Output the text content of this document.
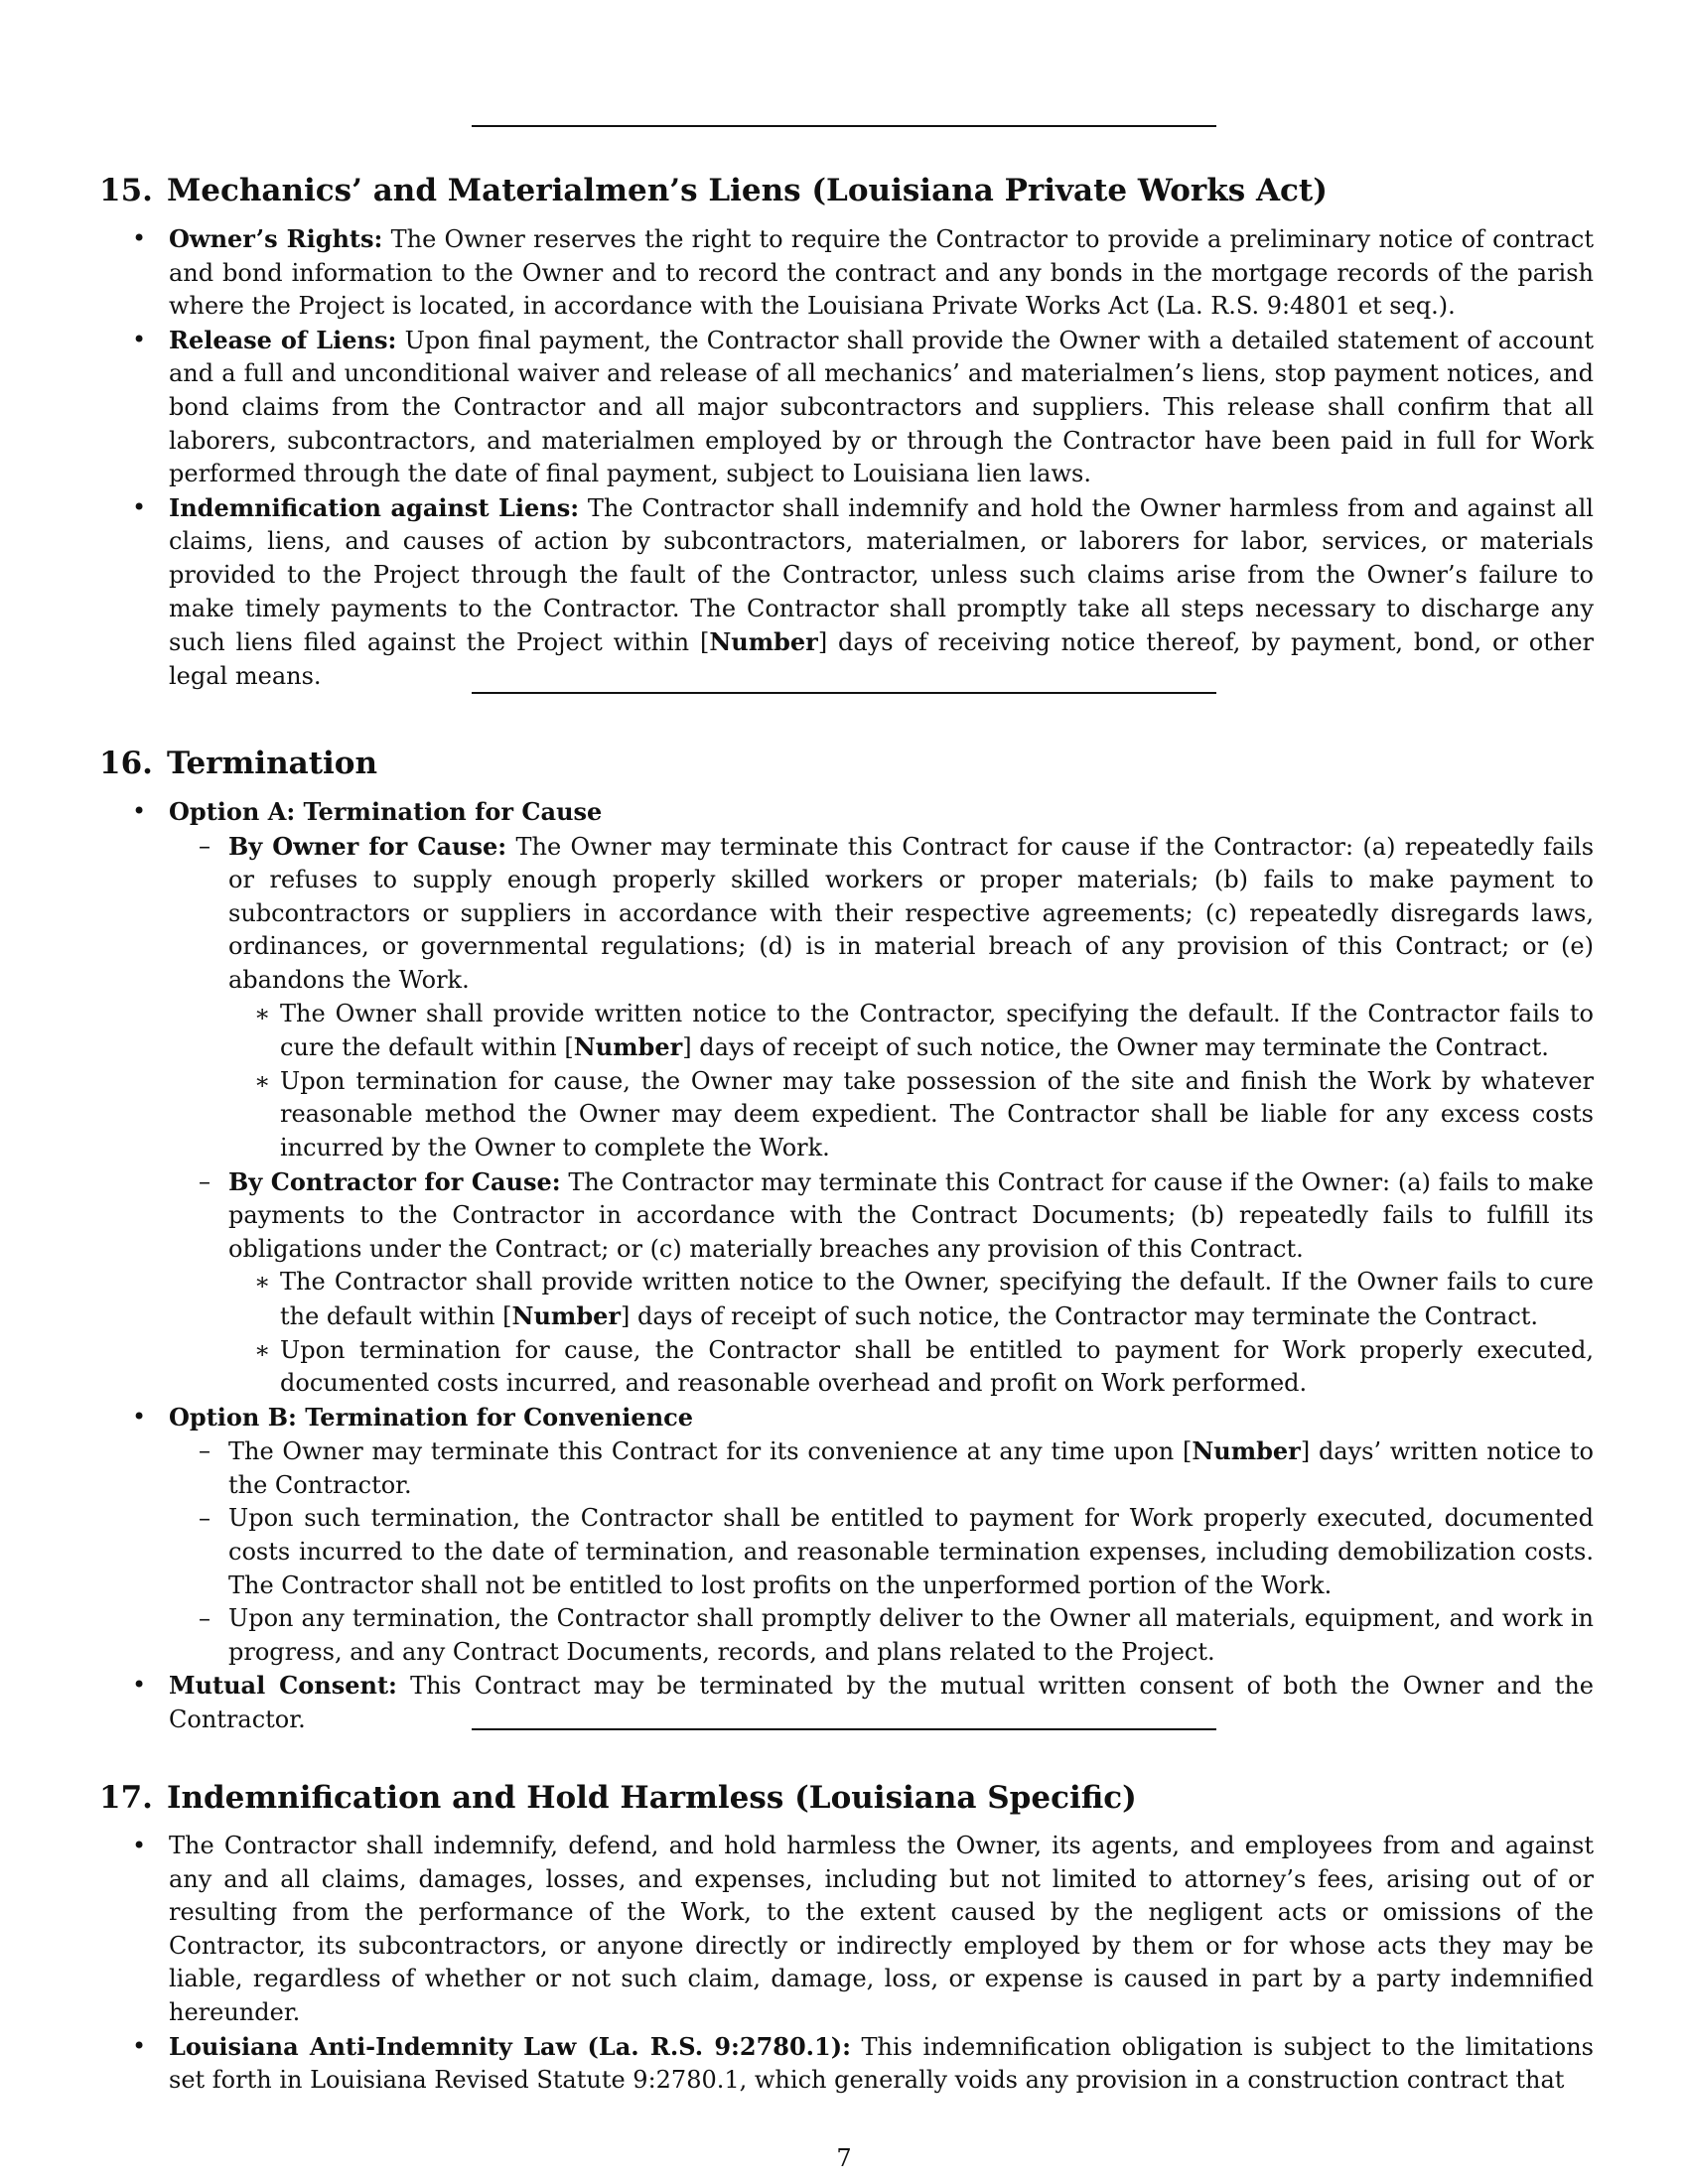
15. Mechanics’ and Materialmen’s Liens (Louisiana Private Works Act)
• Owner’s Rights: The Owner reserves the right to require the Contractor to provide a preliminary notice of contract and bond information to the Owner and to record the contract and any bonds in the mortgage records of the parish where the Project is located, in accordance with the Louisiana Private Works Act (La. R.S. 9:4801 et seq.).
• Release of Liens: Upon final payment, the Contractor shall provide the Owner with a detailed statement of account and a full and unconditional waiver and release of all mechanics’ and materialmen’s liens, stop payment notices, and bond claims from the Contractor and all major subcontractors and suppliers. This release shall confirm that all laborers, subcontractors, and materialmen employed by or through the Contractor have been paid in full for Work performed through the date of final payment, subject to Louisiana lien laws.
• Indemnification against Liens: The Contractor shall indemnify and hold the Owner harmless from and against all claims, liens, and causes of action by subcontractors, materialmen, or laborers for labor, services, or materials provided to the Project through the fault of the Contractor, unless such claims arise from the Owner’s failure to make timely payments to the Contractor. The Contractor shall promptly take all steps necessary to discharge any such liens filed against the Project within [Number] days of receiving notice thereof, by payment, bond, or other legal means.
16. Termination
• Option A: Termination for Cause
– By Owner for Cause: The Owner may terminate this Contract for cause if the Contractor: (a) repeatedly fails or refuses to supply enough properly skilled workers or proper materials; (b) fails to make payment to subcontractors or suppliers in accordance with their respective agreements; (c) repeatedly disregards laws, ordinances, or governmental regulations; (d) is in material breach of any provision of this Contract; or (e) abandons the Work.
∗ The Owner shall provide written notice to the Contractor, specifying the default. If the Contractor fails to cure the default within [Number] days of receipt of such notice, the Owner may terminate the Contract.
∗ Upon termination for cause, the Owner may take possession of the site and finish the Work by whatever reasonable method the Owner may deem expedient. The Contractor shall be liable for any excess costs incurred by the Owner to complete the Work.
– By Contractor for Cause: The Contractor may terminate this Contract for cause if the Owner: (a) fails to make payments to the Contractor in accordance with the Contract Documents; (b) repeatedly fails to fulfill its obligations under the Contract; or (c) materially breaches any provision of this Contract.
∗ The Contractor shall provide written notice to the Owner, specifying the default. If the Owner fails to cure the default within [Number] days of receipt of such notice, the Contractor may terminate the Contract.
∗ Upon termination for cause, the Contractor shall be entitled to payment for Work properly executed, documented costs incurred, and reasonable overhead and profit on Work performed.
• Option B: Termination for Convenience
– The Owner may terminate this Contract for its convenience at any time upon [Number] days’ written notice to the Contractor.
– Upon such termination, the Contractor shall be entitled to payment for Work properly executed, documented costs incurred to the date of termination, and reasonable termination expenses, including demobilization costs. The Contractor shall not be entitled to lost profits on the unperformed portion of the Work.
– Upon any termination, the Contractor shall promptly deliver to the Owner all materials, equipment, and work in progress, and any Contract Documents, records, and plans related to the Project.
• Mutual Consent: This Contract may be terminated by the mutual written consent of both the Owner and the Contractor.
17. Indemnification and Hold Harmless (Louisiana Specific)
• The Contractor shall indemnify, defend, and hold harmless the Owner, its agents, and employees from and against any and all claims, damages, losses, and expenses, including but not limited to attorney’s fees, arising out of or resulting from the performance of the Work, to the extent caused by the negligent acts or omissions of the Contractor, its subcontractors, or anyone directly or indirectly employed by them or for whose acts they may be liable, regardless of whether or not such claim, damage, loss, or expense is caused in part by a party indemnified hereunder.
• Louisiana Anti-Indemnity Law (La. R.S. 9:2780.1): This indemnification obligation is subject to the limitations set forth in Louisiana Revised Statute 9:2780.1, which generally voids any provision in a construction contract that
7
